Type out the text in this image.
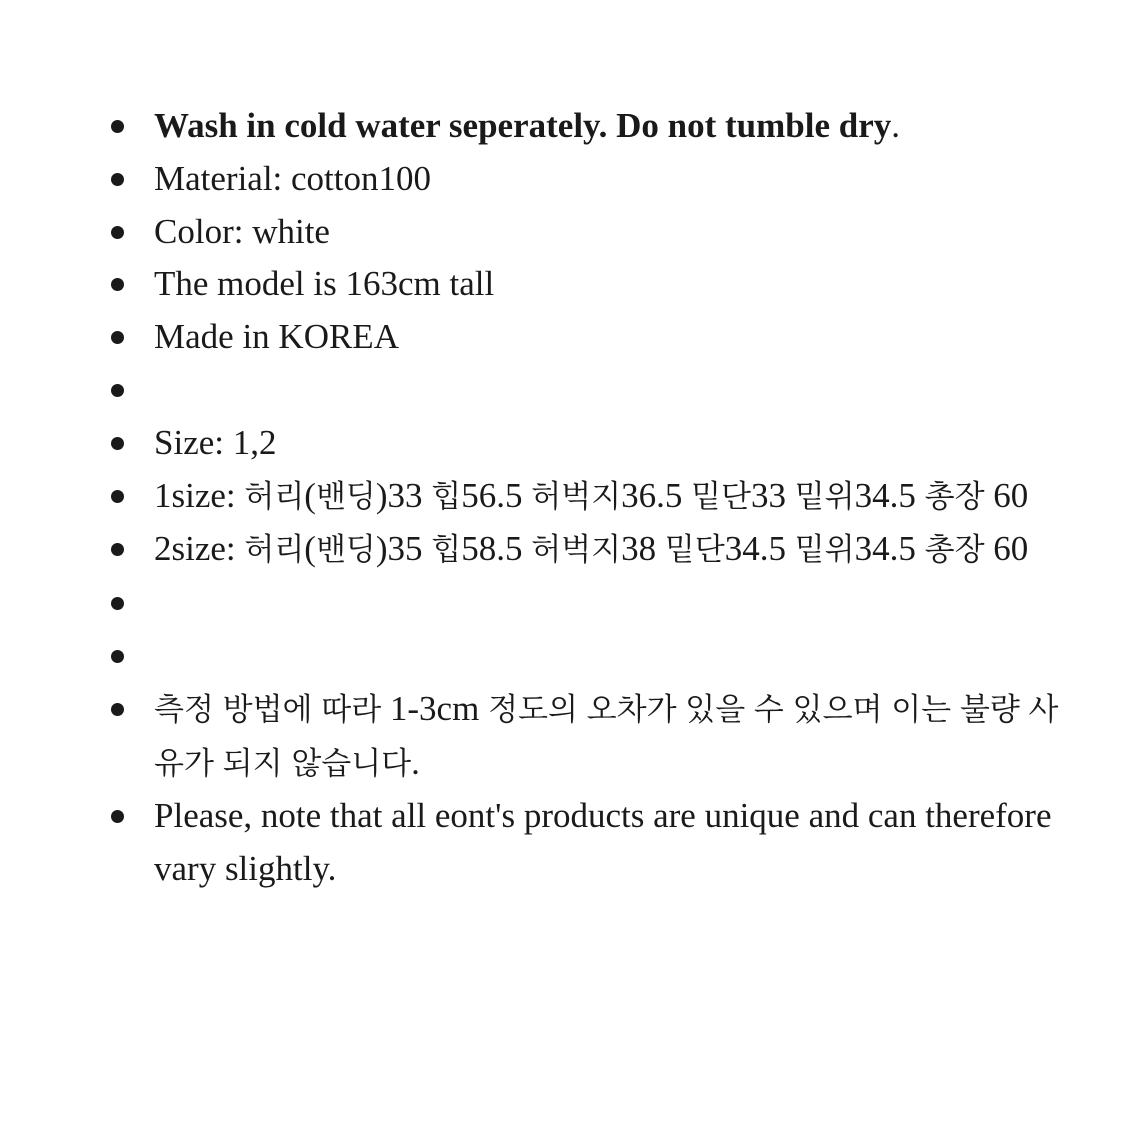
Wash in cold water seperately. Do not tumble dry.
Material: cotton100
Color: white
The model is 163cm tall
Made in KOREA
Size: 1,2
1size: 허리(밴딩)33 힙56.5 허벅지36.5 밑단33 밑위34.5 총장 60
2size: 허리(밴딩)35 힙58.5 허벅지38 밑단34.5 밑위34.5 총장 60
측정 방법에 따라 1-3cm 정도의 오차가 있을 수 있으며 이는 불량 사유가 되지 않습니다.
Please, note that all eont's products are unique and can therefore vary slightly.
